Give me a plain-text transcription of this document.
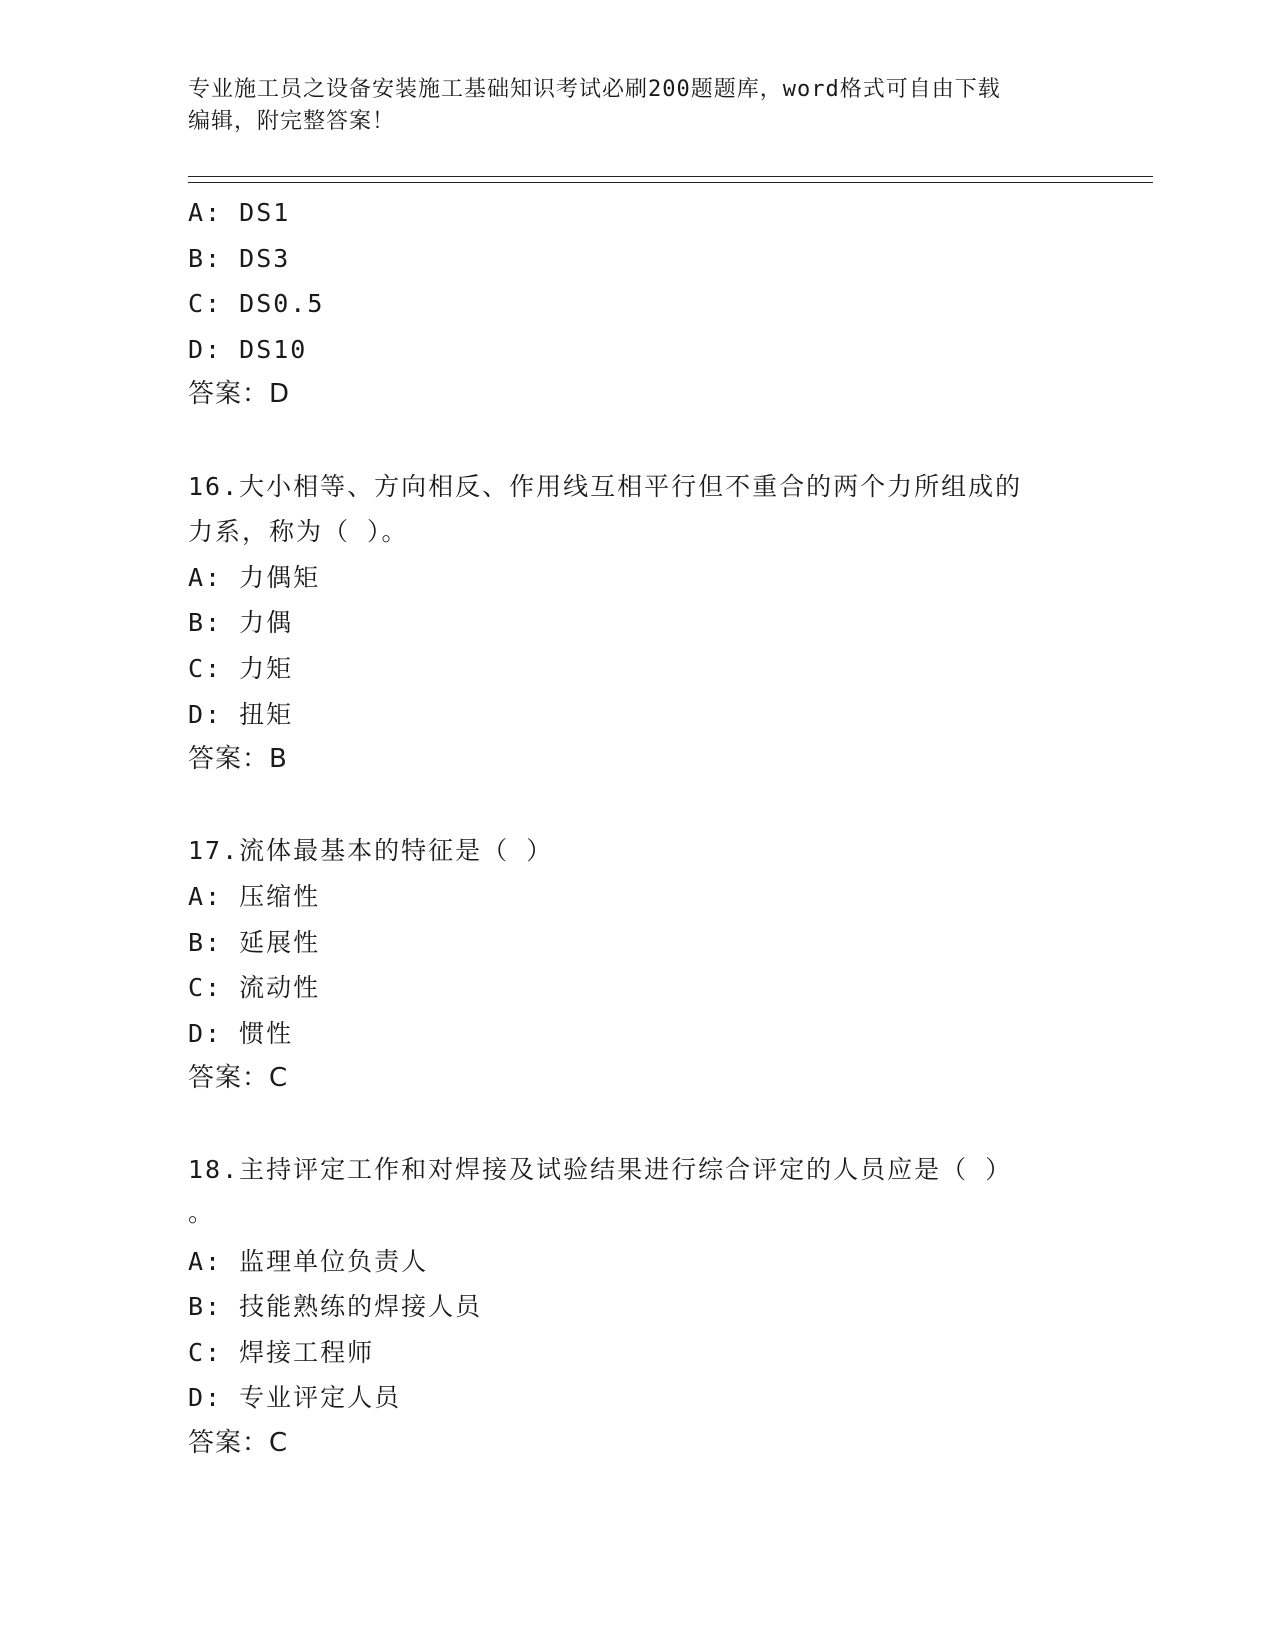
专业施工员之设备安装施工基础知识考试必刷200题题库，word格式可自由下载
编辑，附完整答案！
A: DS1
B: DS3
C: DS0.5
D: DS10
答案：D
16.大小相等、方向相反、作用线互相平行但不重合的两个力所组成的
力系，称为（ ）。
A: 力偶矩
B: 力偶
C: 力矩
D: 扭矩
答案：B
17.流体最基本的特征是（ ）
A: 压缩性
B: 延展性
C: 流动性
D: 惯性
答案：C
18.主持评定工作和对焊接及试验结果进行综合评定的人员应是（ ）
。
A: 监理单位负责人
B: 技能熟练的焊接人员
C: 焊接工程师
D: 专业评定人员
答案：C
